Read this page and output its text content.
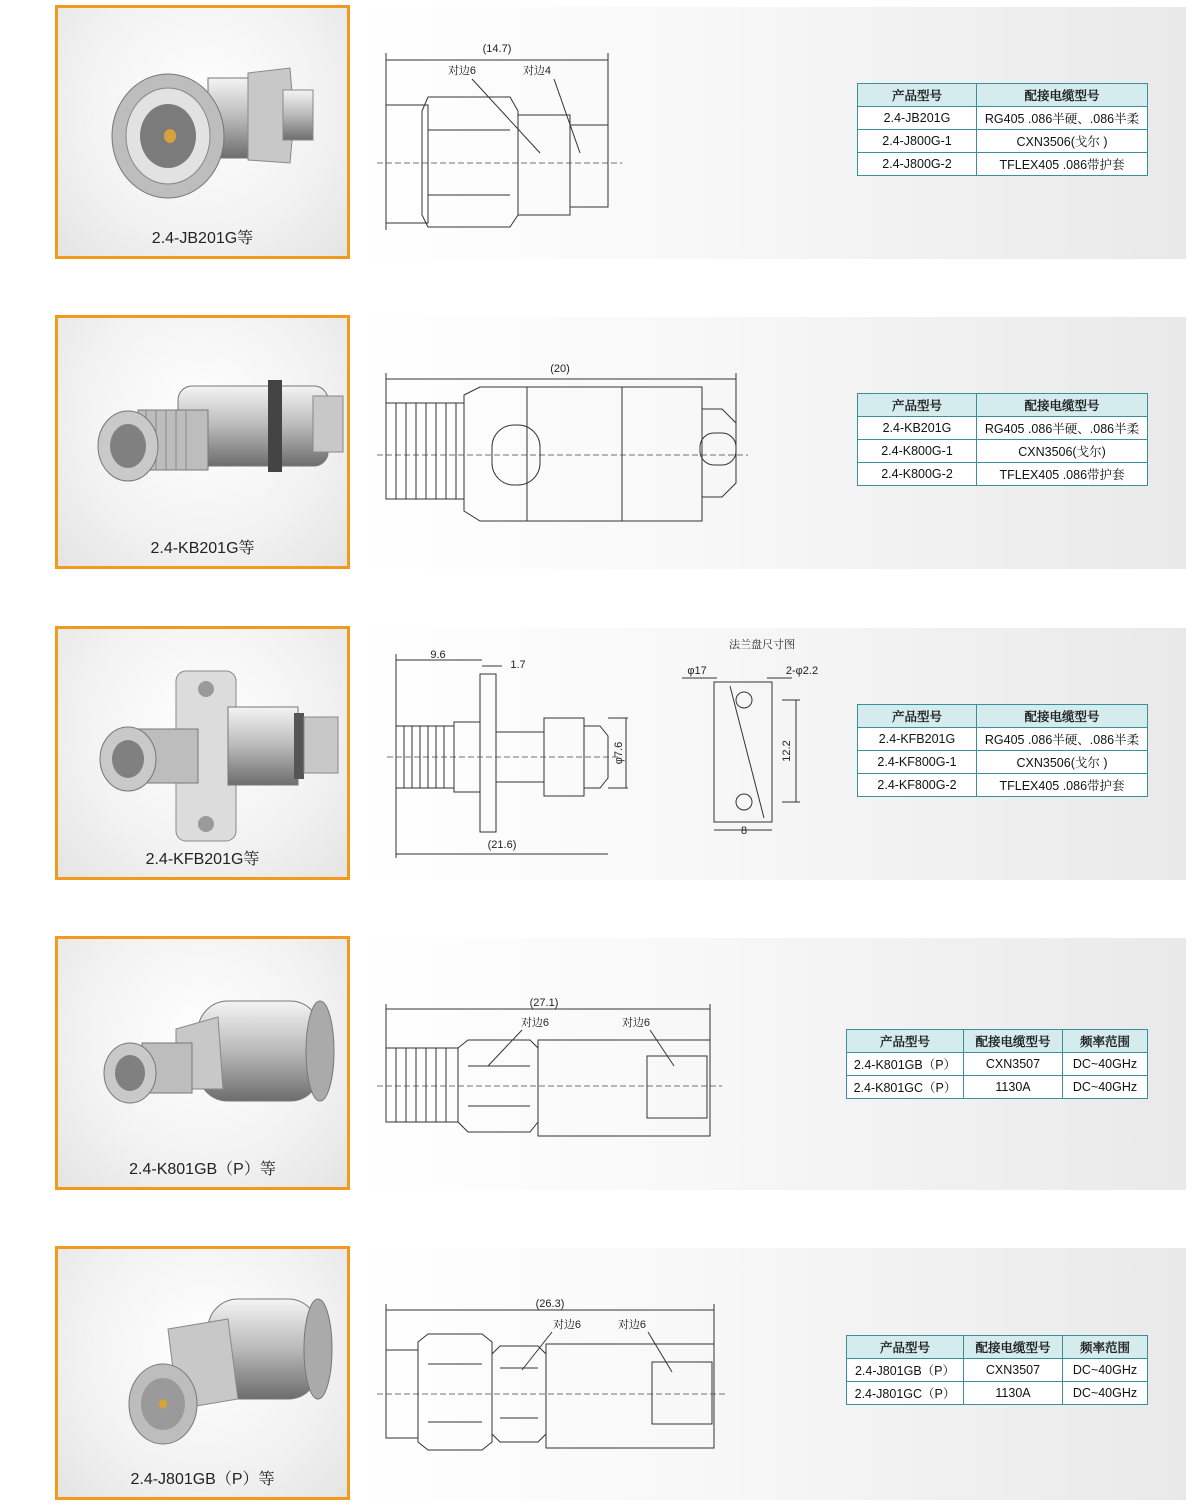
2.4-JB201G等
(14.7)
对边6	对边4
产品型号	配接电缆型号
2.4-JB201G	RG405 .086半硬、.086半柔
2.4-J800G-1	CXN3506(戈尔 )
2.4-J800G-2	TFLEX405 .086带护套
2.4-KB201G等
(20)
产品型号	配接电缆型号
2.4-KB201G	RG405 .086半硬、.086半柔
2.4-K800G-1	CXN3506(戈尔)
2.4-K800G-2	TFLEX405 .086带护套
2.4-KFB201G等
9.6
1.7
φ7.6
(21.6)
法兰盘尺寸图
φ17	2-φ2.2
12.2
8
产品型号	配接电缆型号
2.4-KFB201G	RG405 .086半硬、.086半柔
2.4-KF800G-1	CXN3506(戈尔 )
2.4-KF800G-2	TFLEX405 .086带护套
2.4-K801GB（P）等
(27.1)
对边6	对边6
产品型号	配接电缆型号	频率范围
2.4-K801GB（P）	CXN3507	DC~40GHz
2.4-K801GC（P）	1130A	DC~40GHz
2.4-J801GB（P）等
(26.3)
对边6	对边6
产品型号	配接电缆型号	频率范围
2.4-J801GB（P）	CXN3507	DC~40GHz
2.4-J801GC（P）	1130A	DC~40GHz
